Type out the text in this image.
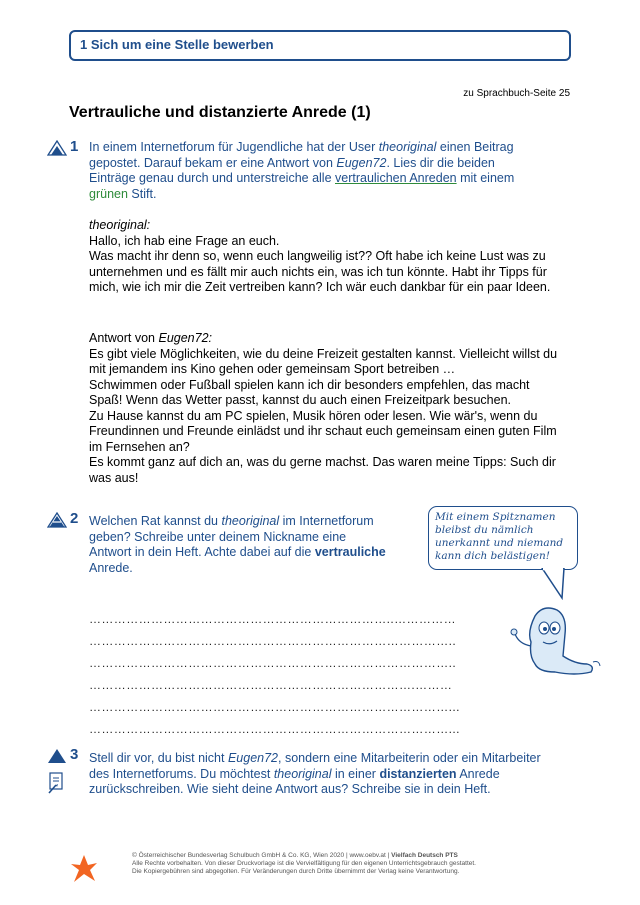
1 Sich um eine Stelle bewerben
zu Sprachbuch-Seite 25
Vertrauliche und distanzierte Anrede (1)
1 In einem Internetforum für Jugendliche hat der User theoriginal einen Beitrag gepostet. Darauf bekam er eine Antwort von Eugen72. Lies dir die beiden Einträge genau durch und unterstreiche alle vertraulichen Anreden mit einem grünen Stift.
theoriginal:
Hallo, ich hab eine Frage an euch.
Was macht ihr denn so, wenn euch langweilig ist?? Oft habe ich keine Lust was zu unternehmen und es fällt mir auch nichts ein, was ich tun könnte. Habt ihr Tipps für mich, wie ich mir die Zeit vertreiben kann? Ich wär euch dankbar für ein paar Ideen.
Antwort von Eugen72:
Es gibt viele Möglichkeiten, wie du deine Freizeit gestalten kannst. Vielleicht willst du mit jemandem ins Kino gehen oder gemeinsam Sport betreiben …
Schwimmen oder Fußball spielen kann ich dir besonders empfehlen, das macht Spaß! Wenn das Wetter passt, kannst du auch einen Freizeitpark besuchen.
Zu Hause kannst du am PC spielen, Musik hören oder lesen. Wie wär's, wenn du Freundinnen und Freunde einlädst und ihr schaut euch gemeinsam einen guten Film im Fernsehen an?
Es kommt ganz auf dich an, was du gerne machst. Das waren meine Tipps: Such dir was aus!
2 Welchen Rat kannst du theoriginal im Internetforum geben? Schreibe unter deinem Nickname eine Antwort in dein Heft. Achte dabei auf die vertrauliche Anrede.
Mit einem Spitznamen bleibst du nämlich unerkannt und niemand kann dich belästigen!
………………………………………………………………..……………
……………………………………………………………………………..
……………………………………………………………………………..
…………………………………………………………………….………
……………………………………………………………………………...
……………………………………………………………………………...
3 Stell dir vor, du bist nicht Eugen72, sondern eine Mitarbeiterin oder ein Mitarbeiter des Internetforums. Du möchtest theoriginal in einer distanzierten Anrede zurückschreiben. Wie sieht deine Antwort aus? Schreibe sie in dein Heft.
© Österreichischer Bundesverlag Schulbuch GmbH & Co. KG, Wien 2020 | www.oebv.at | Vielfach Deutsch PTS
Alle Rechte vorbehalten. Von dieser Druckvorlage ist die Vervielfältigung für den eigenen Unterrichtsgebrauch gestattet.
Die Kopiergebühren sind abgegolten. Für Veränderungen durch Dritte übernimmt der Verlag keine Verantwortung.
